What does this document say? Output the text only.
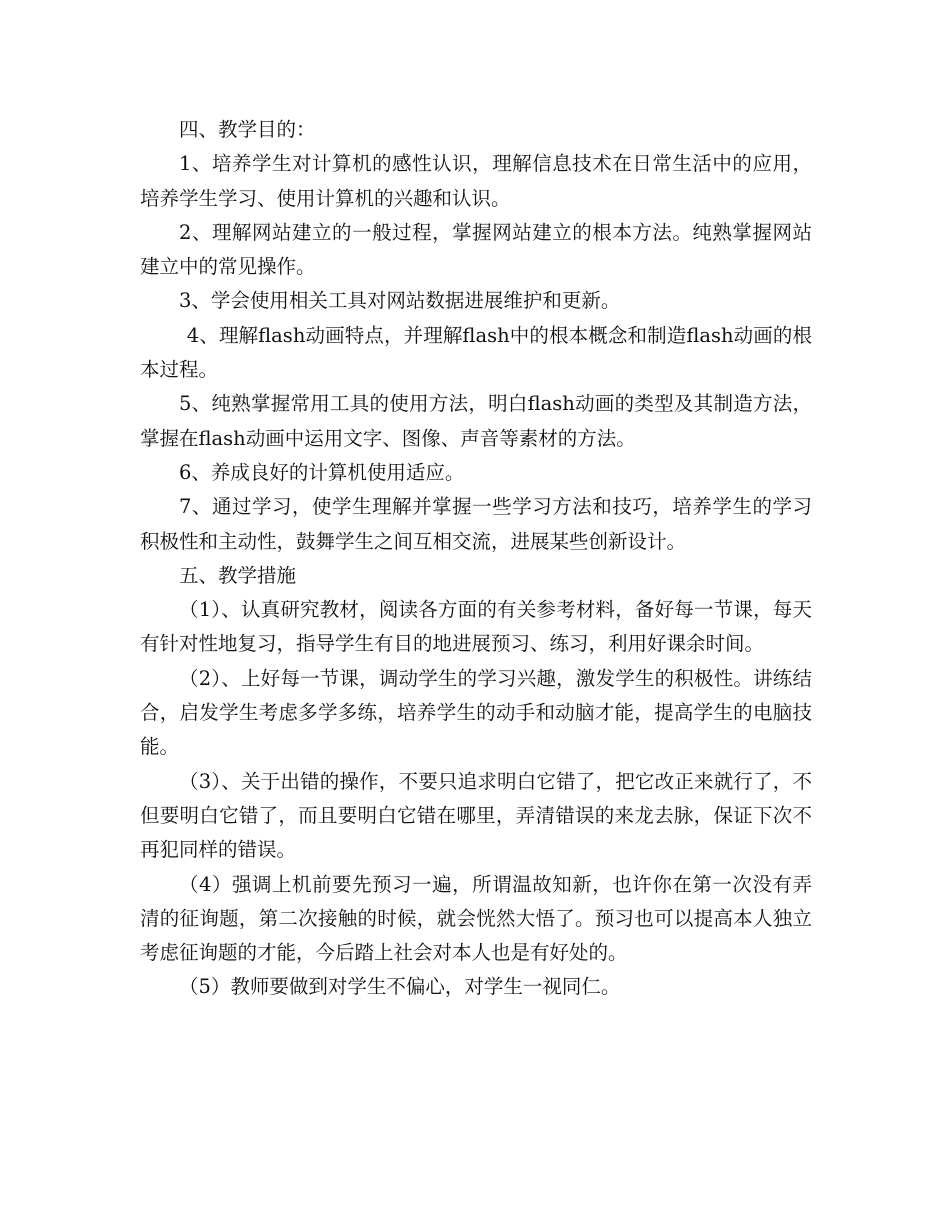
四、教学目的：

1、培养学生对计算机的感性认识，理解信息技术在日常生活中的应用，培养学生学习、使用计算机的兴趣和认识。

2、理解网站建立的一般过程，掌握网站建立的根本方法。纯熟掌握网站建立中的常见操作。

3、学会使用相关工具对网站数据进展维护和更新。

4、理解flash动画特点，并理解flash中的根本概念和制造flash动画的根本过程。

5、纯熟掌握常用工具的使用方法，明白flash动画的类型及其制造方法，掌握在flash动画中运用文字、图像、声音等素材的方法。

6、养成良好的计算机使用适应。

7、通过学习，使学生理解并掌握一些学习方法和技巧，培养学生的学习积极性和主动性，鼓舞学生之间互相交流，进展某些创新设计。

五、教学措施

（1）、认真研究教材，阅读各方面的有关参考材料，备好每一节课，每天有针对性地复习，指导学生有目的地进展预习、练习，利用好课余时间。

（2）、上好每一节课，调动学生的学习兴趣，激发学生的积极性。讲练结合，启发学生考虑多学多练，培养学生的动手和动脑才能，提高学生的电脑技能。

（3）、关于出错的操作，不要只追求明白它错了，把它改正来就行了，不但要明白它错了，而且要明白它错在哪里，弄清错误的来龙去脉，保证下次不再犯同样的错误。

（4）强调上机前要先预习一遍，所谓温故知新，也许你在第一次没有弄清的征询题，第二次接触的时候，就会恍然大悟了。预习也可以提高本人独立考虑征询题的才能，今后踏上社会对本人也是有好处的。

（5）教师要做到对学生不偏心，对学生一视同仁。
